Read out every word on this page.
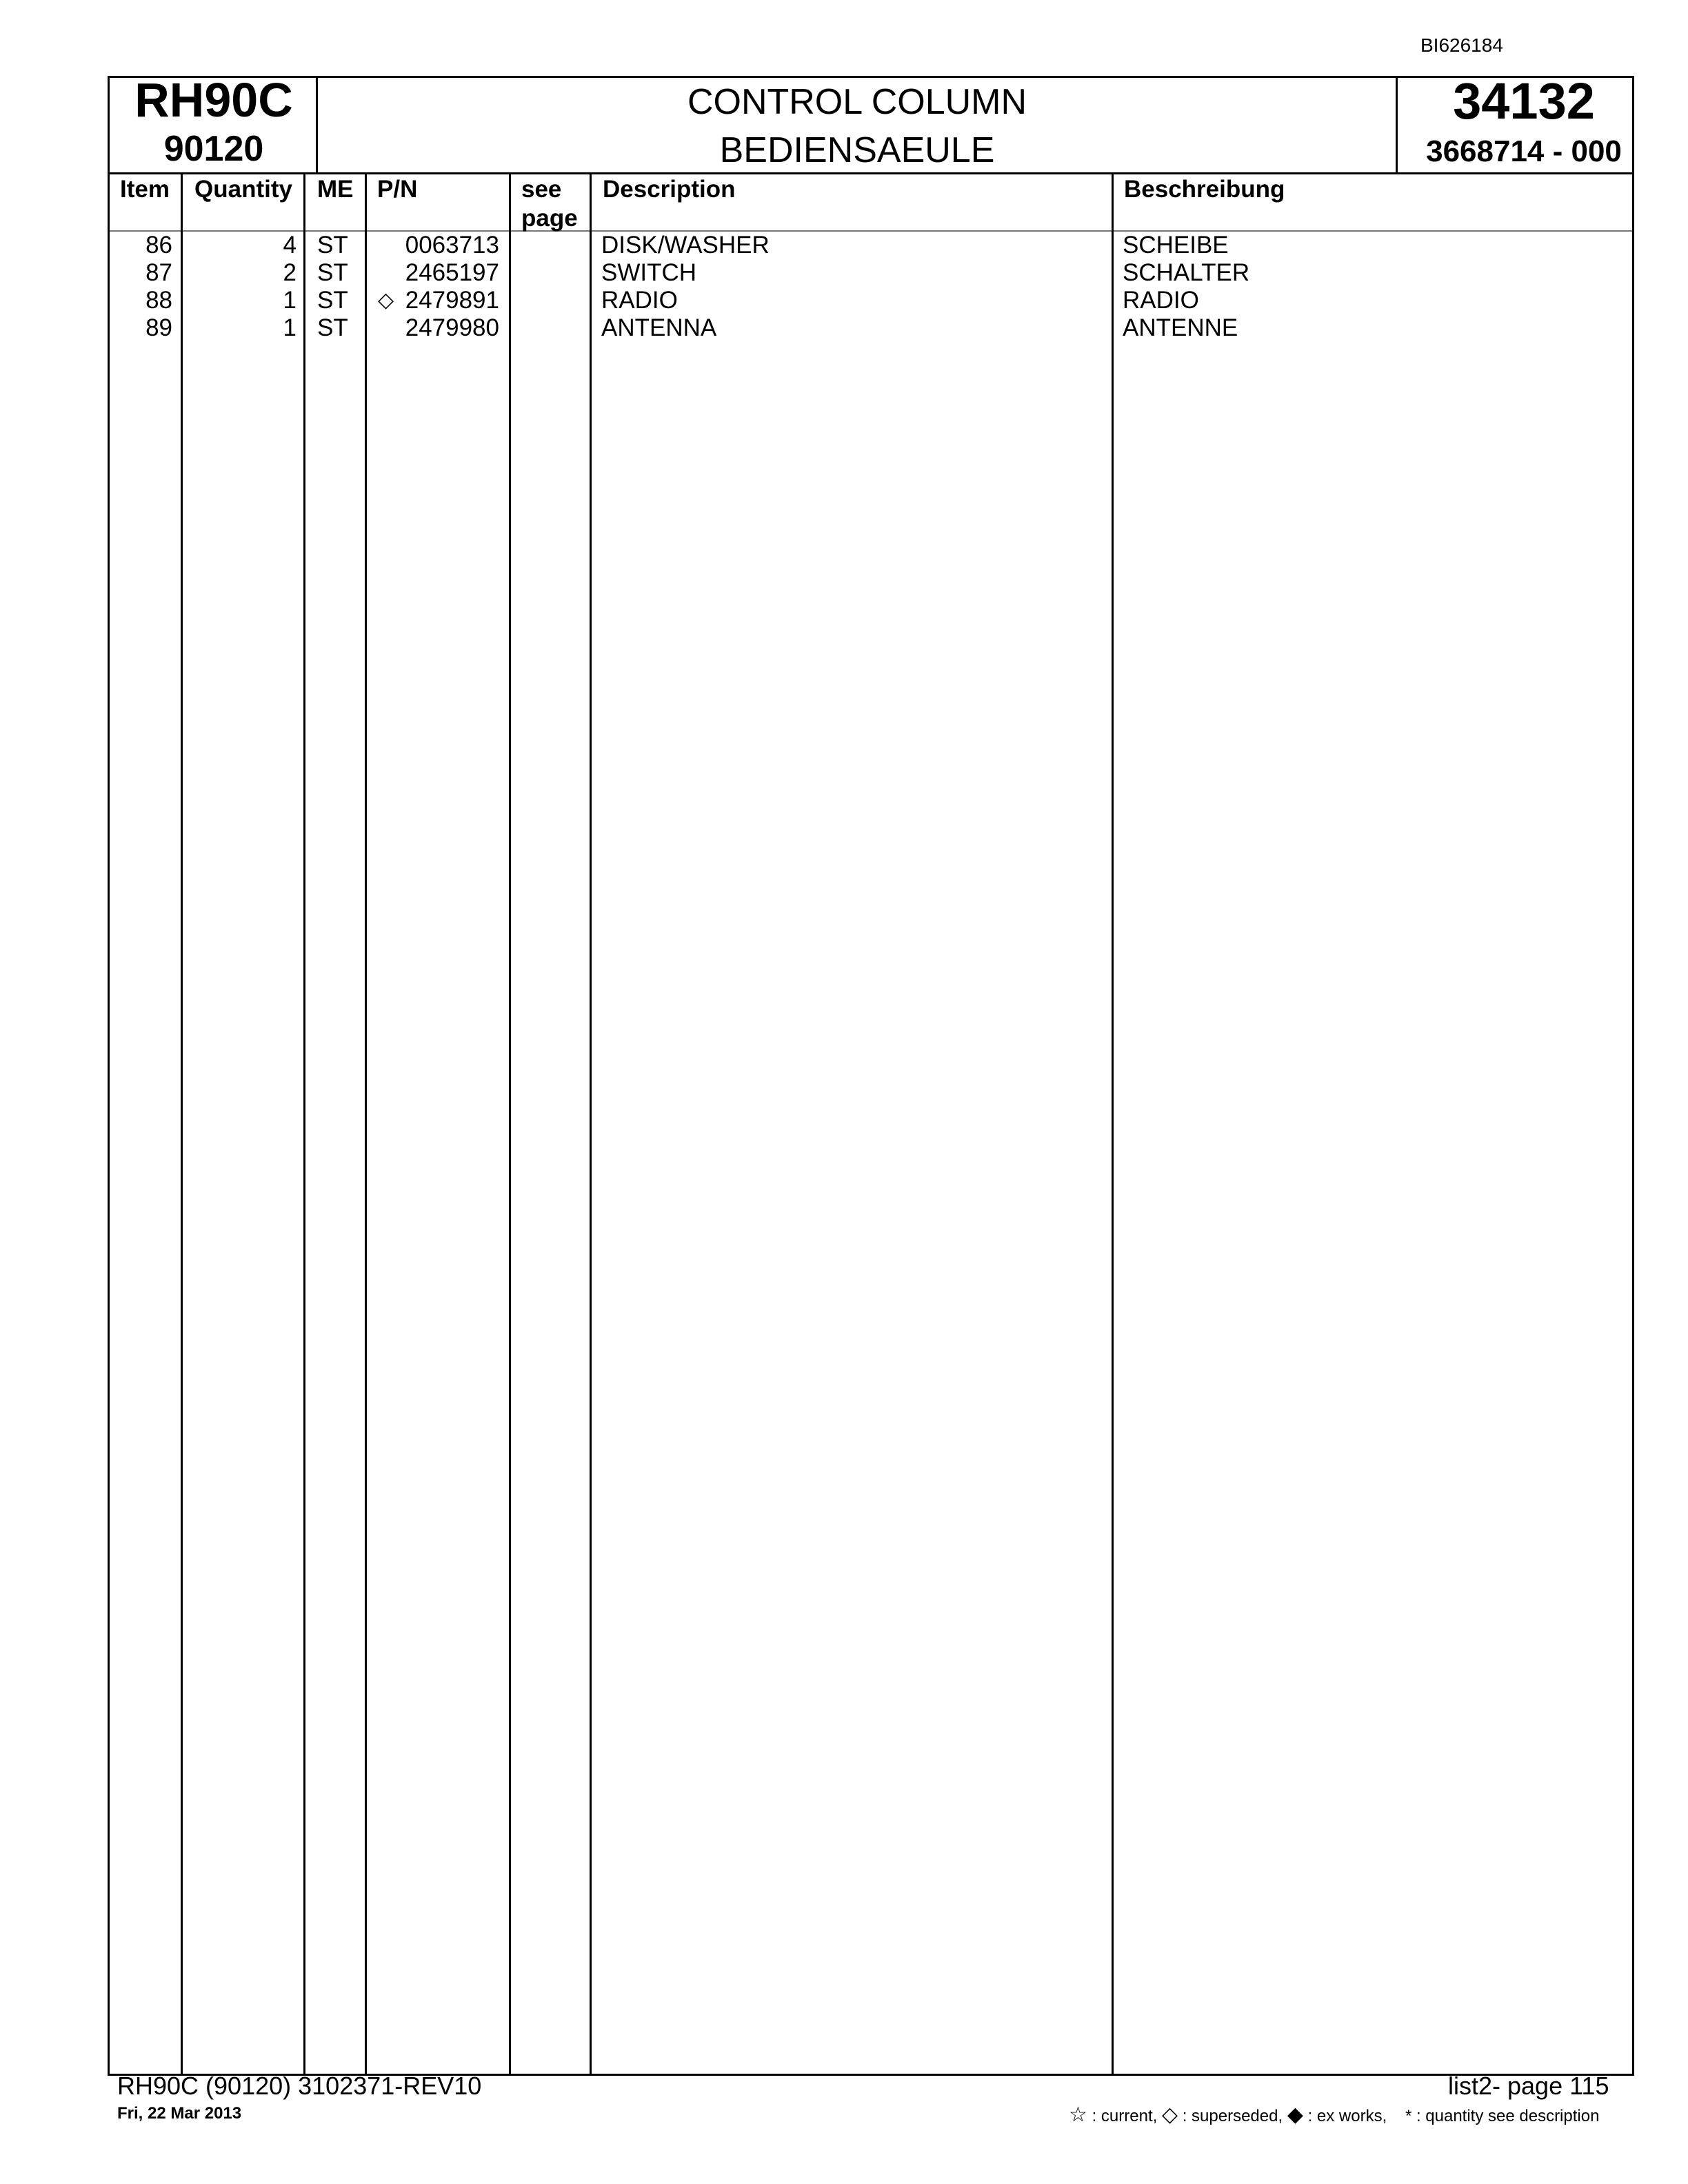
BI626184
RH90C
90120
CONTROL COLUMN
BEDIENSAEULE
34132
3668714 - 000
Item Quantity ME P/N	see
page
Description	Beschreibung
86	4 ST 0063713	DISK/WASHER	SCHEIBE
87	2 ST 2465197	SWITCH	SCHALTER
88	1 ST ◇ 2479891	RADIO	RADIO
89	1 ST 2479980	ANTENNA	ANTENNE
RH90C (90120) 3102371-REV10
Fri, 22 Mar 2013
list2- page 115
☆ : current, ◇ : superseded, ◆ : ex works, * : quantity see description
